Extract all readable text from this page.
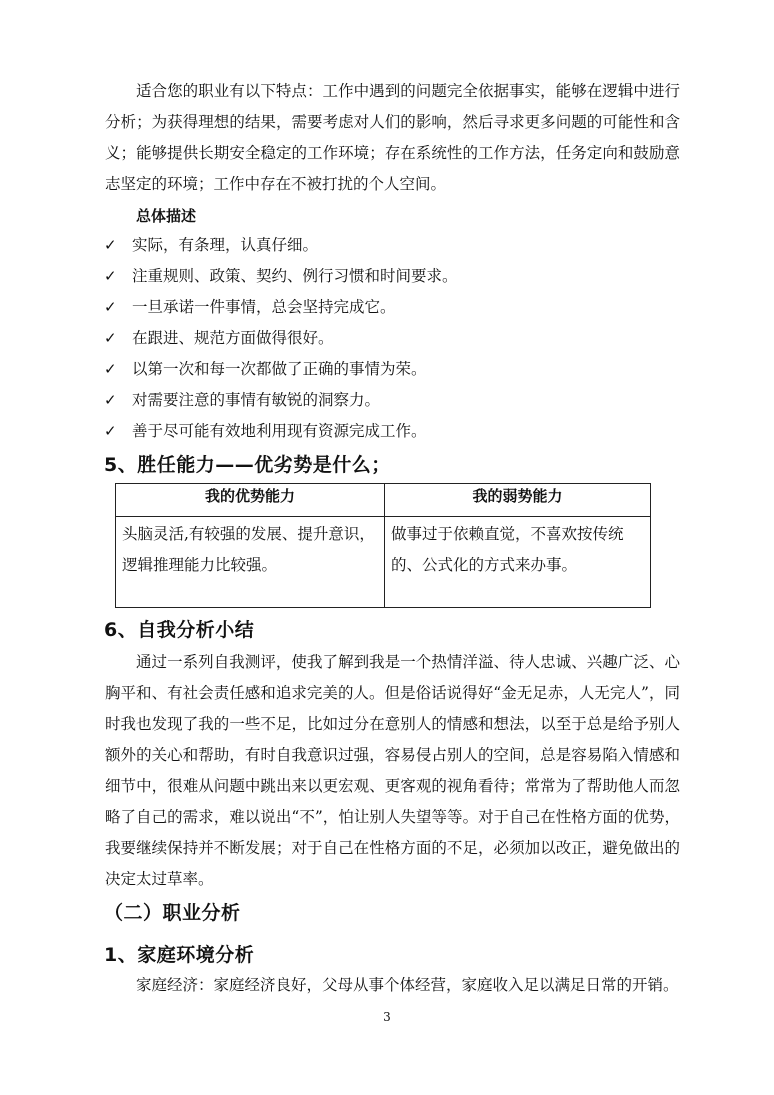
适合您的职业有以下特点：工作中遇到的问题完全依据事实，能够在逻辑中进行分析；为获得理想的结果，需要考虑对人们的影响，然后寻求更多问题的可能性和含义；能够提供长期安全稳定的工作环境；存在系统性的工作方法，任务定向和鼓励意志坚定的环境；工作中存在不被打扰的个人空间。

总体描述

✓ 实际，有条理，认真仔细。
✓ 注重规则、政策、契约、例行习惯和时间要求。
✓ 一旦承诺一件事情，总会坚持完成它。
✓ 在跟进、规范方面做得很好。
✓ 以第一次和每一次都做了正确的事情为荣。
✓ 对需要注意的事情有敏锐的洞察力。
✓ 善于尽可能有效地利用现有资源完成工作。
5、胜任能力——优劣势是什么；
我的优势能力	我的弱势能力
头脑灵活,有较强的发展、提升意识，逻辑推理能力比较强。	做事过于依赖直觉，不喜欢按传统的、公式化的方式来办事。
6、自我分析小结

通过一系列自我测评，使我了解到我是一个热情洋溢、待人忠诚、兴趣广泛、心胸平和、有社会责任感和追求完美的人。但是俗话说得好“金无足赤，人无完人”，同时我也发现了我的一些不足，比如过分在意别人的情感和想法，以至于总是给予别人额外的关心和帮助，有时自我意识过强，容易侵占别人的空间，总是容易陷入情感和细节中，很难从问题中跳出来以更宏观、更客观的视角看待；常常为了帮助他人而忽略了自己的需求，难以说出“不”，怕让别人失望等等。对于自己在性格方面的优势，我要继续保持并不断发展；对于自己在性格方面的不足，必须加以改正，避免做出的决定太过草率。

（二）职业分析
1、家庭环境分析

家庭经济：家庭经济良好，父母从事个体经营，家庭收入足以满足日常的开销。

3
